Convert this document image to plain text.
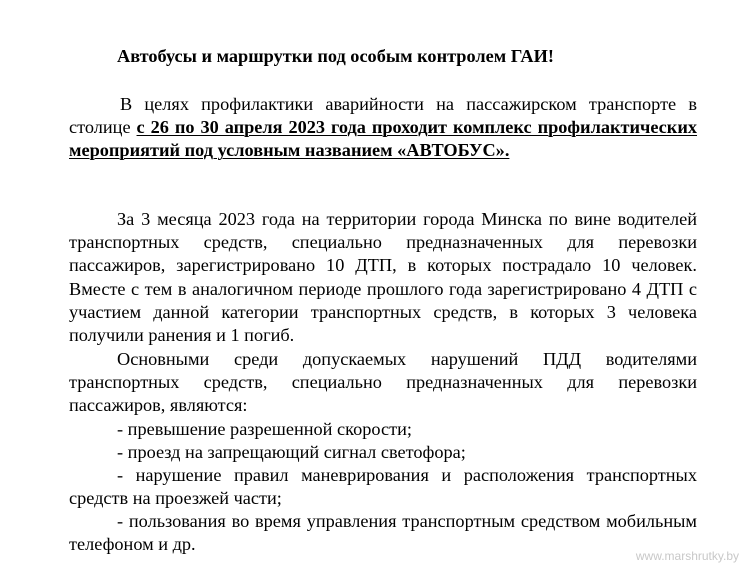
Автобусы и маршрутки под особым контролем ГАИ!
В целях профилактики аварийности на пассажирском транспорте в столице с 26 по 30 апреля 2023 года проходит комплекс профилактических мероприятий под условным названием «АВТОБУС».
За 3 месяца 2023 года на территории города Минска по вине водителей транспортных средств, специально предназначенных для перевозки пассажиров, зарегистрировано 10 ДТП, в которых пострадало 10 человек. Вместе с тем в аналогичном периоде прошлого года зарегистрировано 4 ДТП с участием данной категории транспортных средств, в которых 3 человека получили ранения и 1 погиб.
Основными среди допускаемых нарушений ПДД водителями транспортных средств, специально предназначенных для перевозки пассажиров, являются:
- превышение разрешенной скорости;
- проезд на запрещающий сигнал светофора;
- нарушение правил маневрирования и расположения транспортных средств на проезжей части;
- пользования во время управления транспортным средством мобильным телефоном и др.
www.marshrutky.by
